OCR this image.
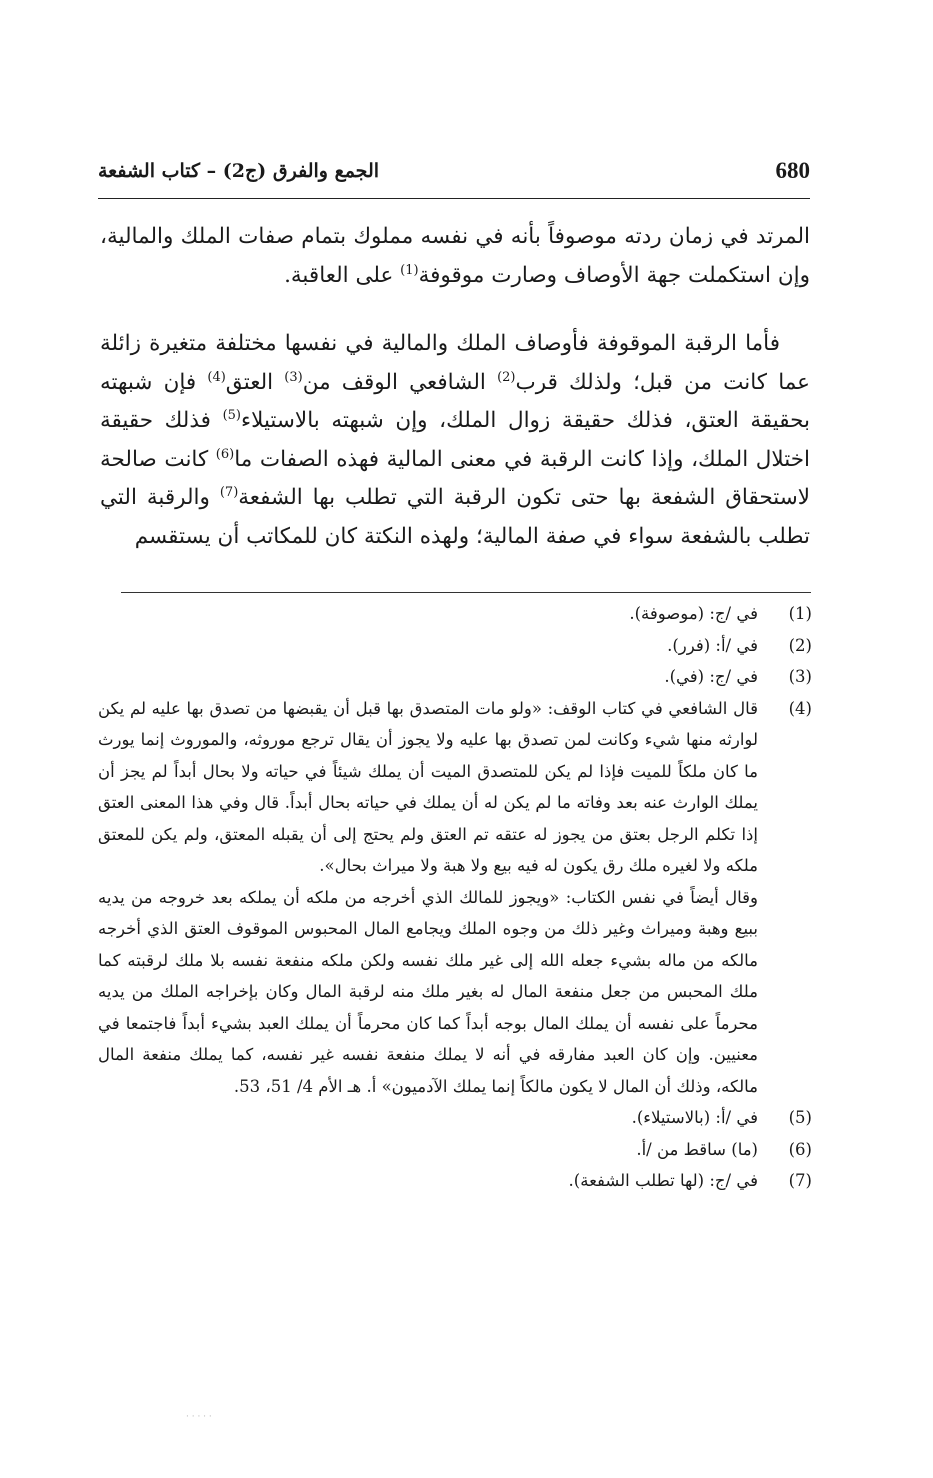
680
الجمع والفرق (ج2) – كتاب الشفعة

المرتد في زمان ردته موصوفاً بأنه في نفسه مملوك بتمام صفات الملك والمالية، وإن استكملت جهة الأوصاف وصارت موقوفة$^{(1)}$ على العاقبة.

فأما الرقبة الموقوفة فأوصاف الملك والمالية في نفسها مختلفة متغيرة زائلة عما كانت من قبل؛ ولذلك قرب$^{(2)}$ الشافعي الوقف من$^{(3)}$ العتق$^{(4)}$ فإن شبهته بحقيقة العتق، فذلك حقيقة زوال الملك، وإن شبهته بالاستيلاء$^{(5)}$ فذلك حقيقة اختلال الملك، وإذا كانت الرقبة في معنى المالية فهذه الصفات ما$^{(6)}$ كانت صالحة لاستحقاق الشفعة بها حتى تكون الرقبة التي تطلب بها الشفعة$^{(7)}$ والرقبة التي تطلب بالشفعة سواء في صفة المالية؛ ولهذه النكتة كان للمكاتب أن يستقسم

(1)
في /ج: (موصوفة).
(2)
في /أ: (فرر).
(3)
في /ج: (في).
(4)
قال الشافعي في كتاب الوقف: «ولو مات المتصدق بها قبل أن يقبضها من تصدق بها عليه لم يكن لوارثه منها شيء وكانت لمن تصدق بها عليه ولا يجوز أن يقال ترجع موروثه، والموروث إنما يورث ما كان ملكاً للميت فإذا لم يكن للمتصدق الميت أن يملك شيئاً في حياته ولا بحال أبداً لم يجز أن يملك الوارث عنه بعد وفاته ما لم يكن له أن يملك في حياته بحال أبداً. قال وفي هذا المعنى العتق إذا تكلم الرجل بعتق من يجوز له عتقه تم العتق ولم يحتج إلى أن يقبله المعتق، ولم يكن للمعتق ملكه ولا لغيره ملك رق يكون له فيه بيع ولا هبة ولا ميراث بحال».
وقال أيضاً في نفس الكتاب: «ويجوز للمالك الذي أخرجه من ملكه أن يملكه بعد خروجه من يديه ببيع وهبة وميراث وغير ذلك من وجوه الملك ويجامع المال المحبوس الموقوف العتق الذي أخرجه مالكه من ماله بشيء جعله الله إلى غير ملك نفسه ولكن ملكه منفعة نفسه بلا ملك لرقبته كما ملك المحبس من جعل منفعة المال له بغير ملك منه لرقبة المال وكان بإخراجه الملك من يديه محرماً على نفسه أن يملك المال بوجه أبداً كما كان محرماً أن يملك العبد بشيء أبداً فاجتمعا في معنيين. وإن كان العبد مفارقه في أنه لا يملك منفعة نفسه غير نفسه، كما يملك منفعة المال مالكه، وذلك أن المال لا يكون مالكاً إنما يملك الآدميون» أ. هـ الأم 4/ 51، 53.
(5)
في /أ: (بالاستيلاء).
(6)
(ما) ساقط من /أ.
(7)
في /ج: (لها تطلب الشفعة).
· · · · ·
